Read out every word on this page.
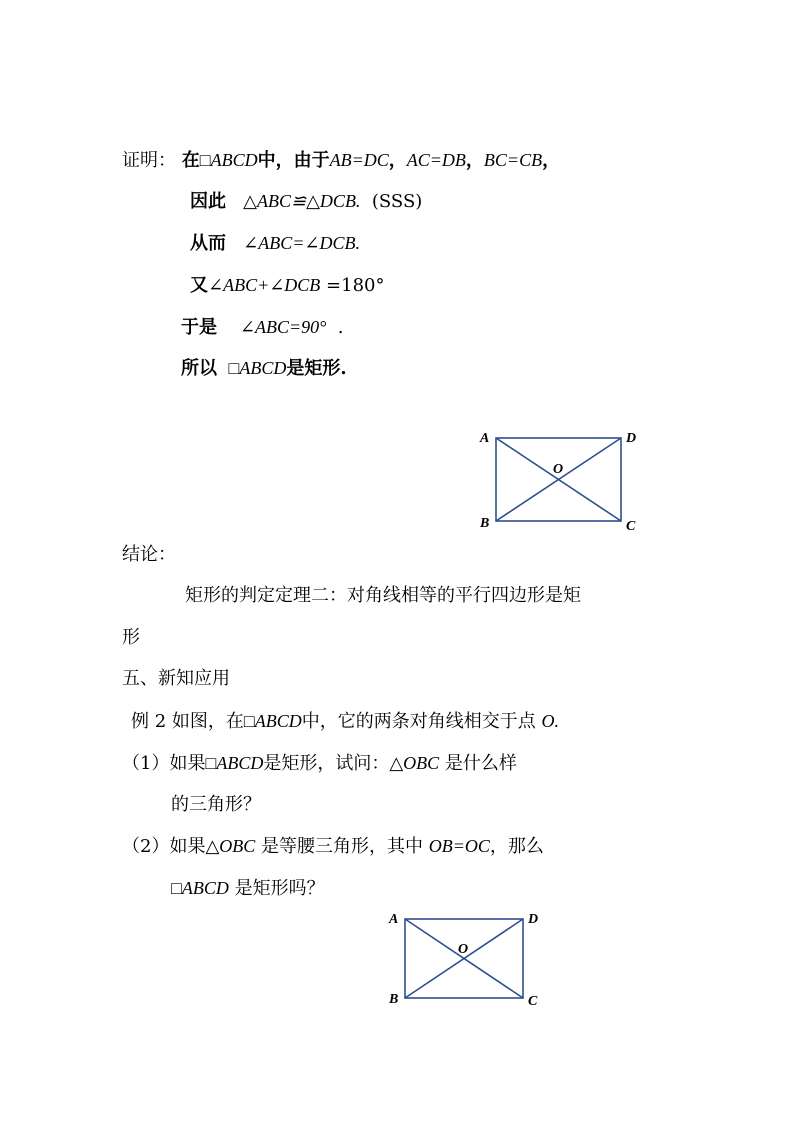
证明： 在□ABCD中，由于AB=DC，AC=DB，BC=CB，
因此 △ABC≌△DCB. (SSS)
从而 ∠ABC=∠DCB.
又∠ABC+∠DCB =180°
于是 ∠ABC=90° .
所以 □ABCD是矩形.
A	D
B	C
O
结论：
矩形的判定定理二：对角线相等的平行四边形是矩
形
五、新知应用
例 2 如图，在□ABCD中，它的两条对角线相交于点 O.
（1）如果□ABCD是矩形，试问：△OBC 是什么样
的三角形？
（2）如果△OBC 是等腰三角形，其中 OB=OC，那么
□ABCD 是矩形吗？
A	D
B	C
O
